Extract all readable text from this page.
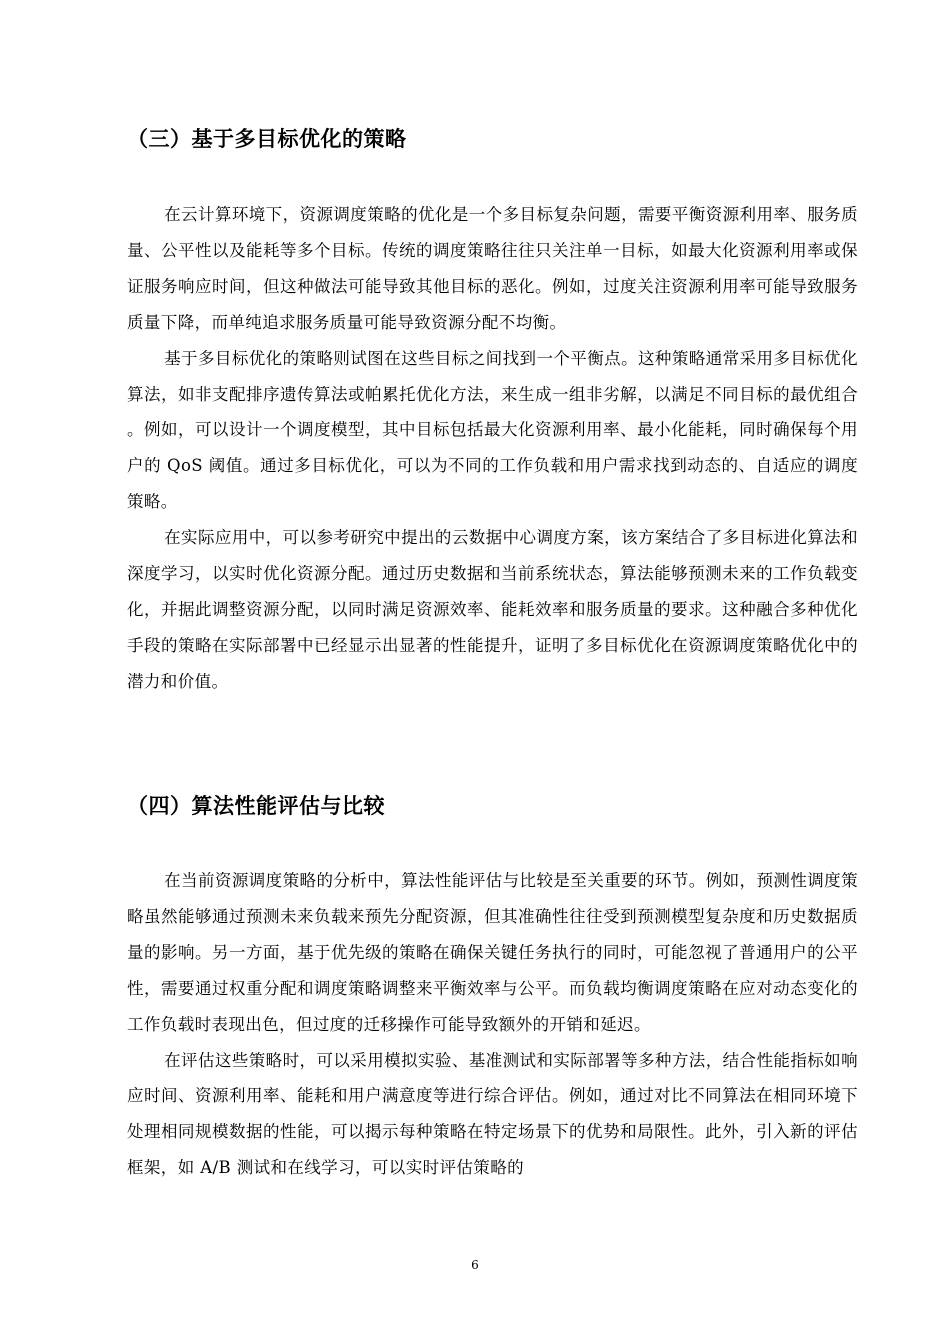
（三）基于多目标优化的策略

在云计算环境下，资源调度策略的优化是一个多目标复杂问题，需要平衡资源利用率、服务质量、公平性以及能耗等多个目标。传统的调度策略往往只关注单一目标，如最大化资源利用率或保证服务响应时间，但这种做法可能导致其他目标的恶化。例如，过度关注资源利用率可能导致服务质量下降，而单纯追求服务质量可能导致资源分配不均衡。

基于多目标优化的策略则试图在这些目标之间找到一个平衡点。这种策略通常采用多目标优化算法，如非支配排序遗传算法或帕累托优化方法，来生成一组非劣解，以满足不同目标的最优组合。例如，可以设计一个调度模型，其中目标包括最大化资源利用率、最小化能耗，同时确保每个用户的 QoS 阈值。通过多目标优化，可以为不同的工作负载和用户需求找到动态的、自适应的调度策略。

在实际应用中，可以参考研究中提出的云数据中心调度方案，该方案结合了多目标进化算法和深度学习，以实时优化资源分配。通过历史数据和当前系统状态，算法能够预测未来的工作负载变化，并据此调整资源分配，以同时满足资源效率、能耗效率和服务质量的要求。这种融合多种优化手段的策略在实际部署中已经显示出显著的性能提升，证明了多目标优化在资源调度策略优化中的潜力和价值。

（四）算法性能评估与比较

在当前资源调度策略的分析中，算法性能评估与比较是至关重要的环节。例如，预测性调度策略虽然能够通过预测未来负载来预先分配资源，但其准确性往往受到预测模型复杂度和历史数据质量的影响。另一方面，基于优先级的策略在确保关键任务执行的同时，可能忽视了普通用户的公平性，需要通过权重分配和调度策略调整来平衡效率与公平。而负载均衡调度策略在应对动态变化的工作负载时表现出色，但过度的迁移操作可能导致额外的开销和延迟。

在评估这些策略时，可以采用模拟实验、基准测试和实际部署等多种方法，结合性能指标如响应时间、资源利用率、能耗和用户满意度等进行综合评估。例如，通过对比不同算法在相同环境下处理相同规模数据的性能，可以揭示每种策略在特定场景下的优势和局限性。此外，引入新的评估框架，如 A/B 测试和在线学习，可以实时评估策略的

6
